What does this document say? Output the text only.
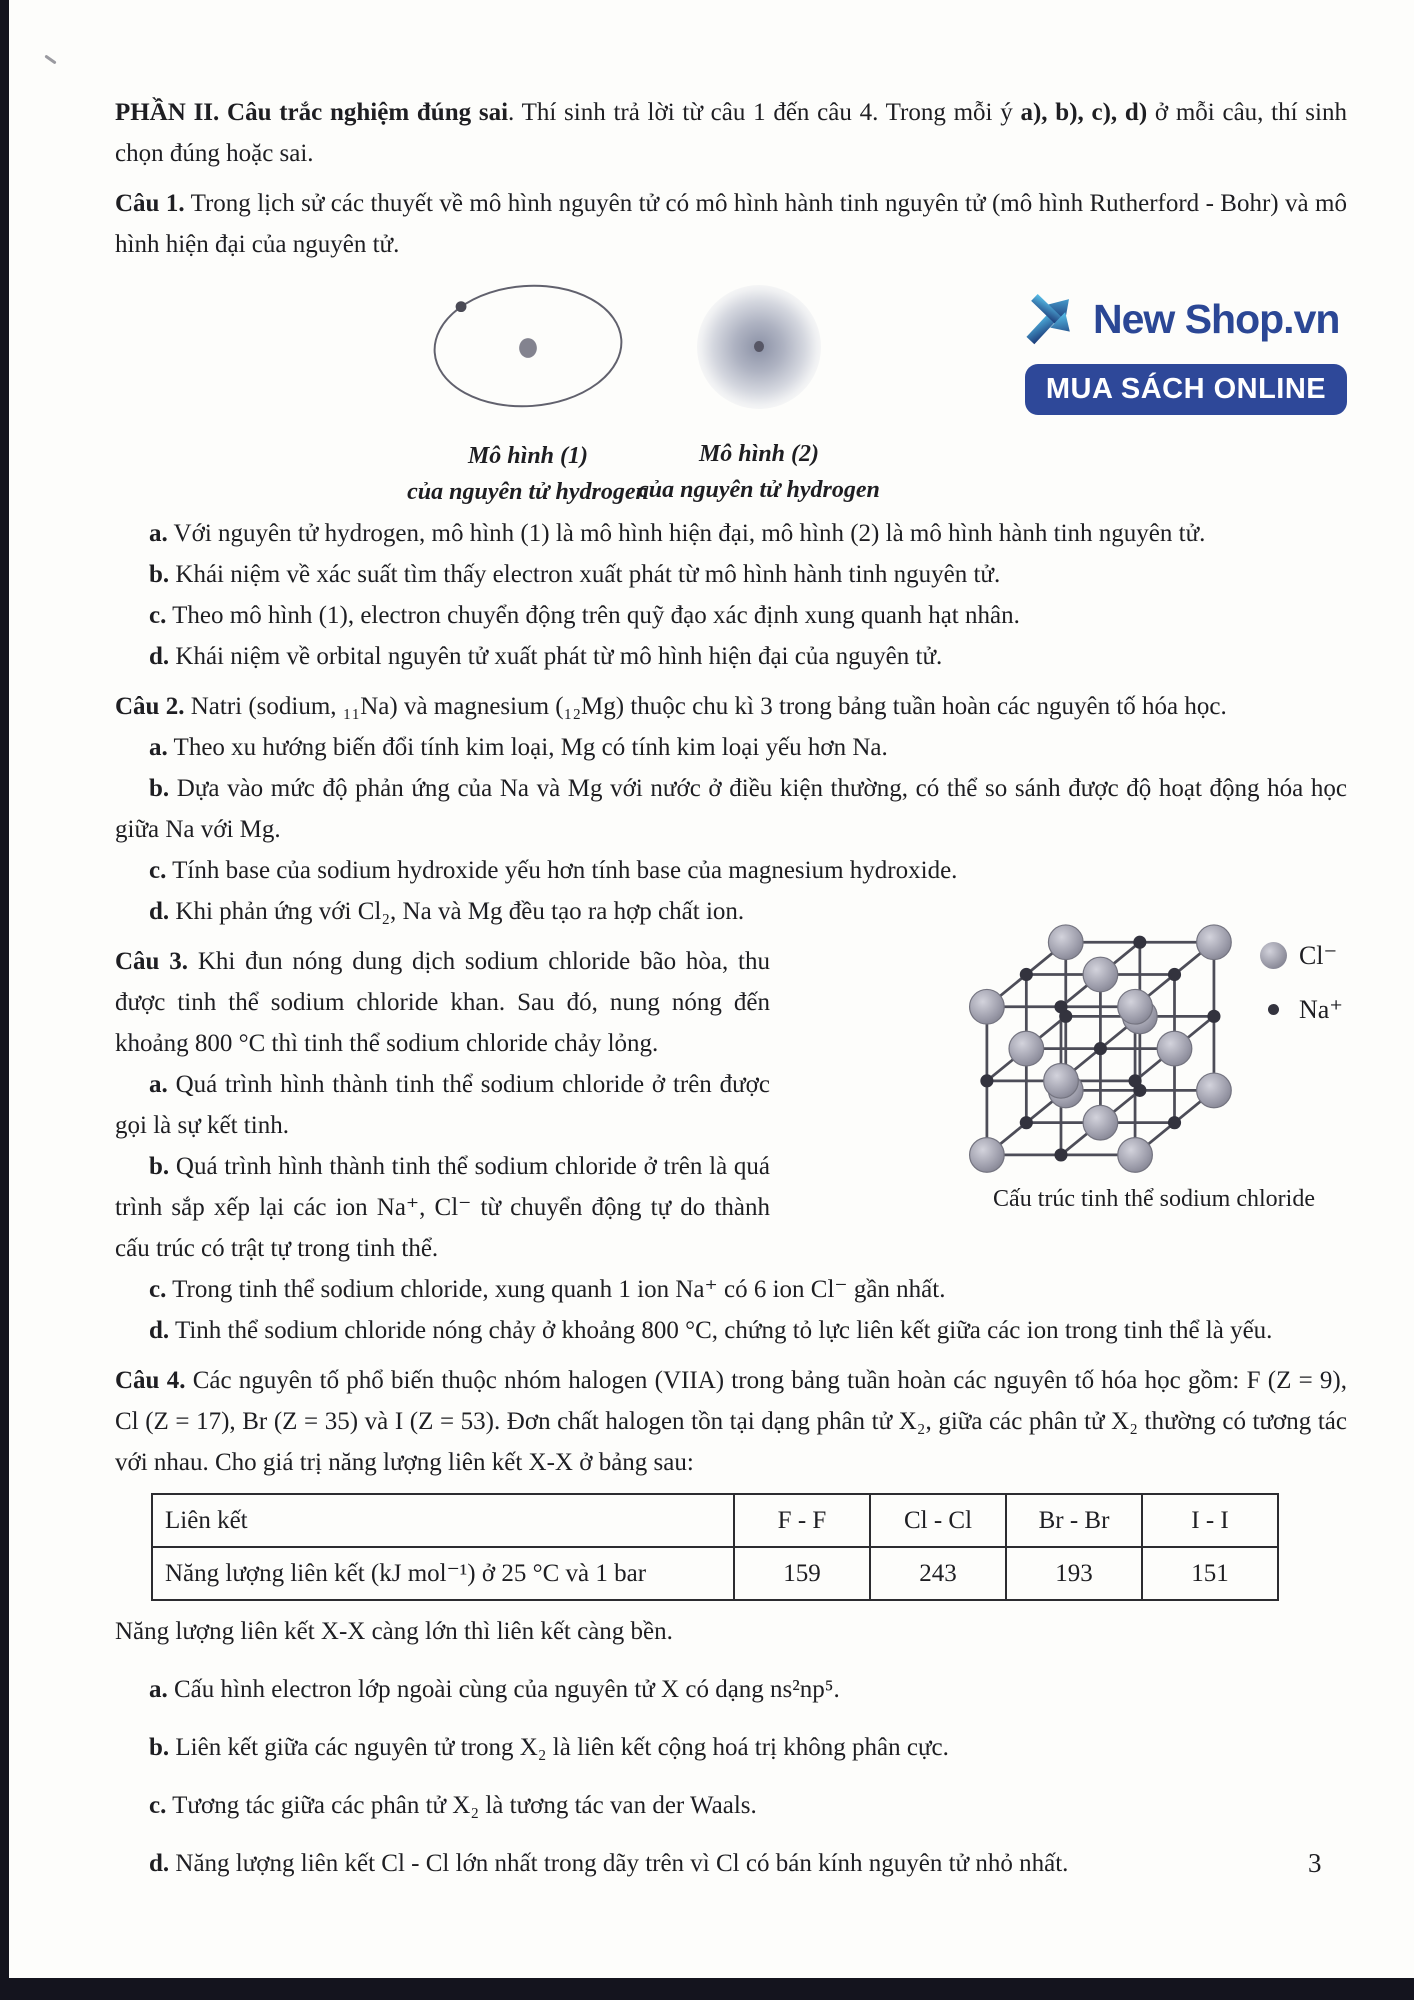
PHẦN II. Câu trắc nghiệm đúng sai. Thí sinh trả lời từ câu 1 đến câu 4. Trong mỗi ý a), b), c), d) ở mỗi câu, thí sinh chọn đúng hoặc sai.

Câu 1. Trong lịch sử các thuyết về mô hình nguyên tử có mô hình hành tinh nguyên tử (mô hình Rutherford - Bohr) và mô hình hiện đại của nguyên tử.

Mô hình (1)
của nguyên tử hydrogen
Mô hình (2)
của nguyên tử hydrogen
New Shop.vn
MUA SÁCH ONLINE

a. Với nguyên tử hydrogen, mô hình (1) là mô hình hiện đại, mô hình (2) là mô hình hành tinh nguyên tử.

b. Khái niệm về xác suất tìm thấy electron xuất phát từ mô hình hành tinh nguyên tử.

c. Theo mô hình (1), electron chuyển động trên quỹ đạo xác định xung quanh hạt nhân.

d. Khái niệm về orbital nguyên tử xuất phát từ mô hình hiện đại của nguyên tử.

Câu 2. Natri (sodium, ₁₁Na) và magnesium (₁₂Mg) thuộc chu kì 3 trong bảng tuần hoàn các nguyên tố hóa học.

a. Theo xu hướng biến đổi tính kim loại, Mg có tính kim loại yếu hơn Na.

b. Dựa vào mức độ phản ứng của Na và Mg với nước ở điều kiện thường, có thể so sánh được độ hoạt động hóa học giữa Na với Mg.

c. Tính base của sodium hydroxide yếu hơn tính base của magnesium hydroxide.

d. Khi phản ứng với Cl₂, Na và Mg đều tạo ra hợp chất ion.

Câu 3. Khi đun nóng dung dịch sodium chloride bão hòa, thu được tinh thể sodium chloride khan. Sau đó, nung nóng đến khoảng 800 °C thì tinh thể sodium chloride chảy lỏng.

a. Quá trình hình thành tinh thể sodium chloride ở trên được gọi là sự kết tinh.

b. Quá trình hình thành tinh thể sodium chloride ở trên là quá trình sắp xếp lại các ion Na⁺, Cl⁻ từ chuyển động tự do thành cấu trúc có trật tự trong tinh thể.

c. Trong tinh thể sodium chloride, xung quanh 1 ion Na⁺ có 6 ion Cl⁻ gần nhất.

d. Tinh thể sodium chloride nóng chảy ở khoảng 800 °C, chứng tỏ lực liên kết giữa các ion trong tinh thể là yếu.

Cl⁻
Na⁺

Cấu trúc tinh thể sodium chloride

Câu 4. Các nguyên tố phổ biến thuộc nhóm halogen (VIIA) trong bảng tuần hoàn các nguyên tố hóa học gồm: F (Z = 9), Cl (Z = 17), Br (Z = 35) và I (Z = 53). Đơn chất halogen tồn tại dạng phân tử X₂, giữa các phân tử X₂ thường có tương tác với nhau. Cho giá trị năng lượng liên kết X-X ở bảng sau:

Liên kết	F - F	Cl - Cl	Br - Br	I - I
Năng lượng liên kết (kJ mol⁻¹) ở 25 °C và 1 bar	159	243	193	151

Năng lượng liên kết X-X càng lớn thì liên kết càng bền.

a. Cấu hình electron lớp ngoài cùng của nguyên tử X có dạng ns²np⁵.

b. Liên kết giữa các nguyên tử trong X₂ là liên kết cộng hoá trị không phân cực.

c. Tương tác giữa các phân tử X₂ là tương tác van der Waals.

d. Năng lượng liên kết Cl - Cl lớn nhất trong dãy trên vì Cl có bán kính nguyên tử nhỏ nhất.	3
